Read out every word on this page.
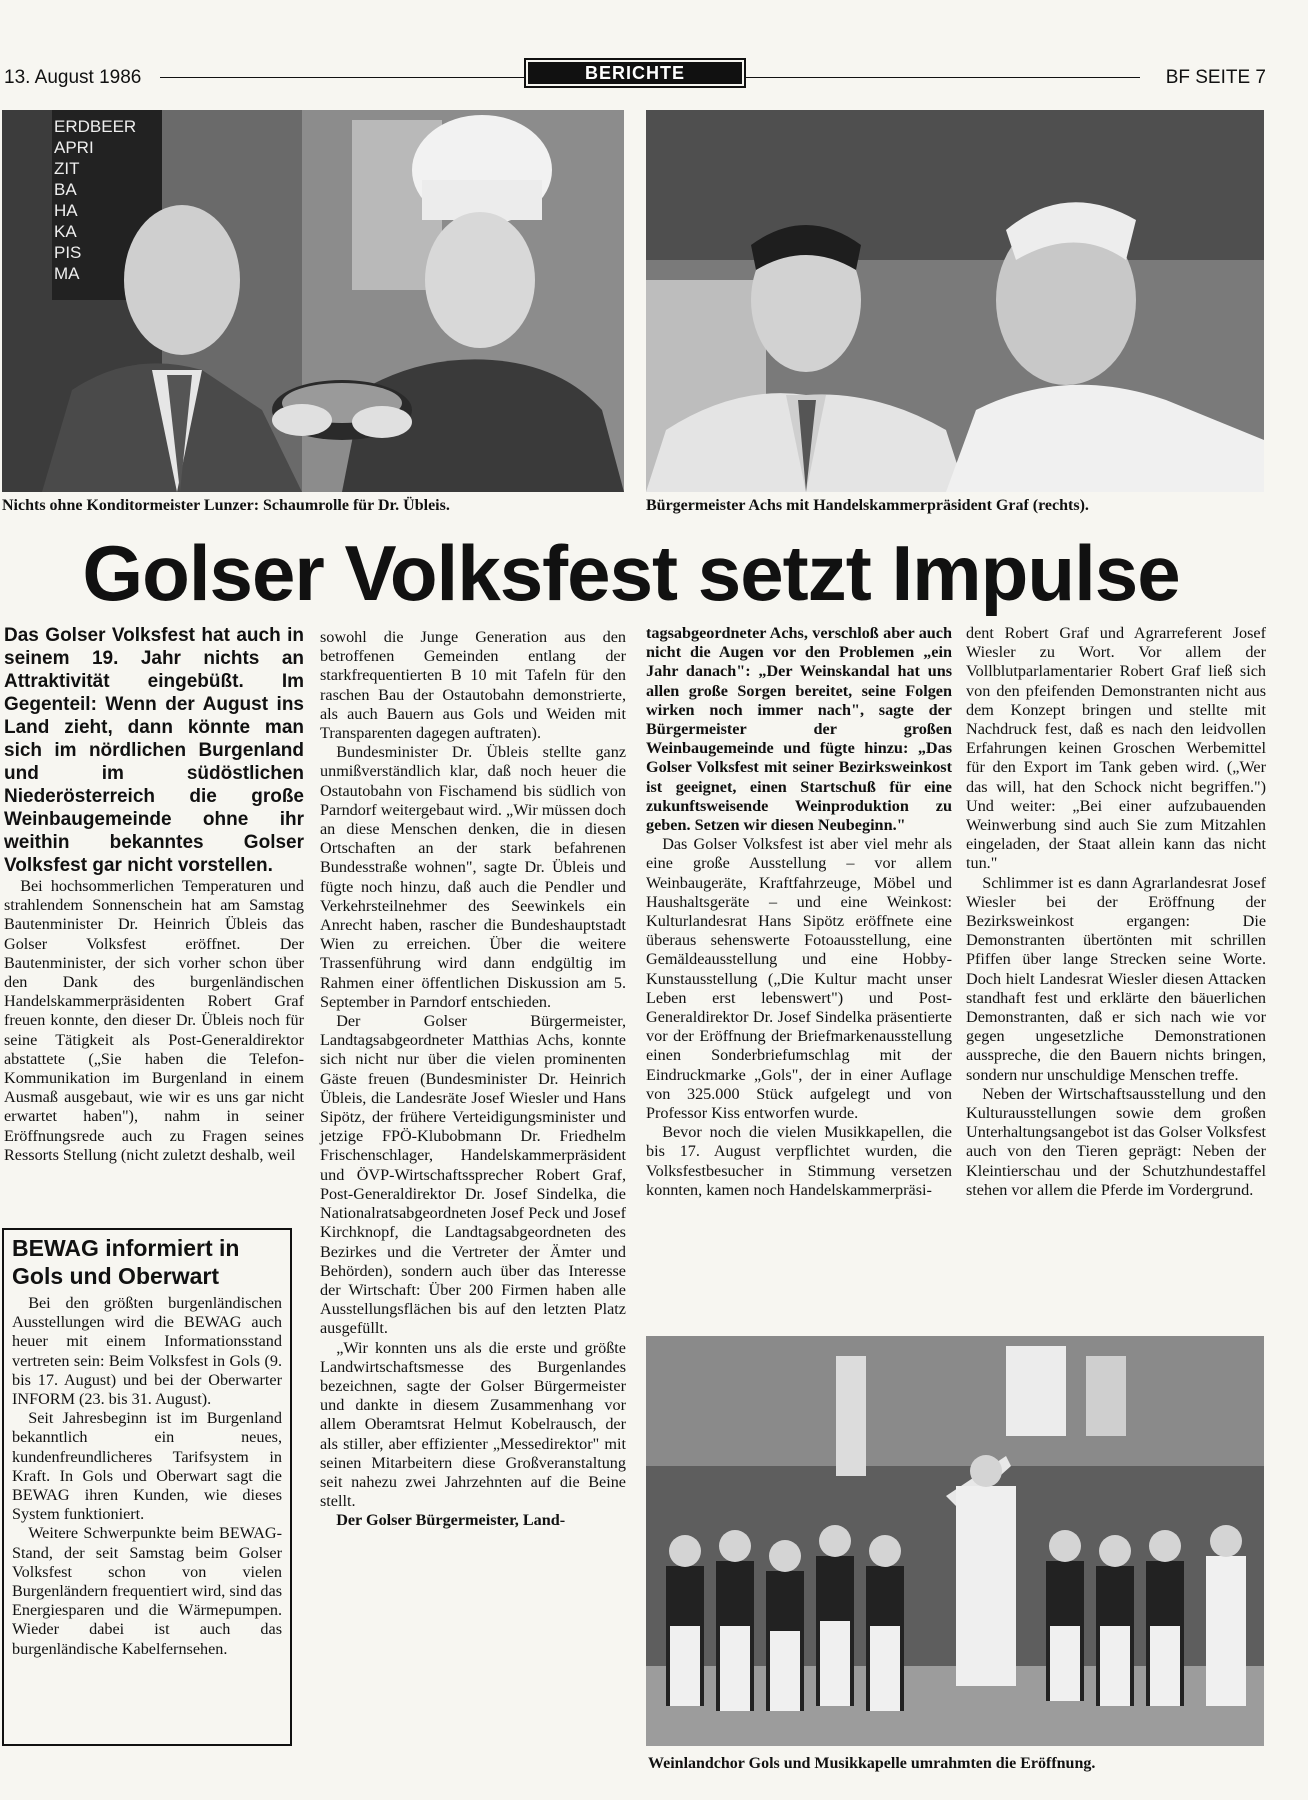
13. August 1986	BERICHTE	BF SEITE 7
ERDBEER
APRI
ZIT
BA
HA
KA
PIS
MA
Nichts ohne Konditormeister Lunzer: Schaumrolle für Dr. Übleis.	Bürgermeister Achs mit Handelskammerpräsident Graf (rechts).
Golser Volksfest setzt Impulse

Das Golser Volksfest hat auch in seinem 19. Jahr nichts an Attraktivität eingebüßt. Im Gegenteil: Wenn der August ins Land zieht, dann könnte man sich im nördlichen Burgenland und im südöstlichen Niederösterreich die große Weinbaugemeinde ohne ihr weithin bekanntes Golser Volksfest gar nicht vorstellen.

Bei hochsommerlichen Temperaturen und strahlendem Sonnenschein hat am Samstag Bautenminister Dr. Heinrich Übleis das Golser Volksfest eröffnet. Der Bautenminister, der sich vorher schon über den Dank des burgenländischen Handelskammerpräsidenten Robert Graf freuen konnte, den dieser Dr. Übleis noch für seine Tätigkeit als Post-Generaldirektor abstattete („Sie haben die Telefon-Kommunikation im Burgenland in einem Ausmaß ausgebaut, wie wir es uns gar nicht erwartet haben"), nahm in seiner Eröffnungsrede auch zu Fragen seines Ressorts Stellung (nicht zuletzt deshalb, weil

BEWAG informiert in
Gols und Oberwart

Bei den größten burgenländischen Ausstellungen wird die BEWAG auch heuer mit einem Informationsstand vertreten sein: Beim Volksfest in Gols (9. bis 17. August) und bei der Oberwarter INFORM (23. bis 31. August).

Seit Jahresbeginn ist im Burgenland bekanntlich ein neues, kundenfreundlicheres Tarifsystem in Kraft. In Gols und Oberwart sagt die BEWAG ihren Kunden, wie dieses System funktioniert.

Weitere Schwerpunkte beim BEWAG-Stand, der seit Samstag beim Golser Volksfest schon von vielen Burgenländern frequentiert wird, sind das Energiesparen und die Wärmepumpen. Wieder dabei ist auch das burgenländische Kabelfernsehen.

sowohl die Junge Generation aus den betroffenen Gemeinden entlang der starkfrequentierten B 10 mit Tafeln für den raschen Bau der Ostautobahn demonstrierte, als auch Bauern aus Gols und Weiden mit Transparenten dagegen auftraten).

Bundesminister Dr. Übleis stellte ganz unmißverständlich klar, daß noch heuer die Ostautobahn von Fischamend bis südlich von Parndorf weitergebaut wird. „Wir müssen doch an diese Menschen denken, die in diesen Ortschaften an der stark befahrenen Bundesstraße wohnen", sagte Dr. Übleis und fügte noch hinzu, daß auch die Pendler und Verkehrsteilnehmer des Seewinkels ein Anrecht haben, rascher die Bundeshauptstadt Wien zu erreichen. Über die weitere Trassenführung wird dann endgültig im Rahmen einer öffentlichen Diskussion am 5. September in Parndorf entschieden.

Der Golser Bürgermeister, Landtagsabgeordneter Matthias Achs, konnte sich nicht nur über die vielen prominenten Gäste freuen (Bundesminister Dr. Heinrich Übleis, die Landesräte Josef Wiesler und Hans Sipötz, der frühere Verteidigungsminister und jetzige FPÖ-Klubobmann Dr. Friedhelm Frischenschlager, Handelskammerpräsident und ÖVP-Wirtschaftssprecher Robert Graf, Post-Generaldirektor Dr. Josef Sindelka, die Nationalratsabgeordneten Josef Peck und Josef Kirchknopf, die Landtagsabgeordneten des Bezirkes und die Vertreter der Ämter und Behörden), sondern auch über das Interesse der Wirtschaft: Über 200 Firmen haben alle Ausstellungsflächen bis auf den letzten Platz ausgefüllt.

„Wir konnten uns als die erste und größte Landwirtschaftsmesse des Burgenlandes bezeichnen, sagte der Golser Bürgermeister und dankte in diesem Zusammenhang vor allem Oberamtsrat Helmut Kobelrausch, der als stiller, aber effizienter „Messedirektor" mit seinen Mitarbeitern diese Großveranstaltung seit nahezu zwei Jahrzehnten auf die Beine stellt.

Der Golser Bürgermeister, Land-

tagsabgeordneter Achs, verschloß aber auch nicht die Augen vor den Problemen „ein Jahr danach": „Der Weinskandal hat uns allen große Sorgen bereitet, seine Folgen wirken noch immer nach", sagte der Bürgermeister der großen Weinbaugemeinde und fügte hinzu: „Das Golser Volksfest mit seiner Bezirksweinkost ist geeignet, einen Startschuß für eine zukunftsweisende Weinproduktion zu geben. Setzen wir diesen Neubeginn."

Das Golser Volksfest ist aber viel mehr als eine große Ausstellung – vor allem Weinbaugeräte, Kraftfahrzeuge, Möbel und Haushaltsgeräte – und eine Weinkost: Kulturlandesrat Hans Sipötz eröffnete eine überaus sehenswerte Fotoausstellung, eine Gemäldeausstellung und eine Hobby-Kunstausstellung („Die Kultur macht unser Leben erst lebenswert") und Post-Generaldirektor Dr. Josef Sindelka präsentierte vor der Eröffnung der Briefmarkenausstellung einen Sonderbriefumschlag mit der Eindruckmarke „Gols", der in einer Auflage von 325.000 Stück aufgelegt und von Professor Kiss entworfen wurde.

Bevor noch die vielen Musikkapellen, die bis 17. August verpflichtet wurden, die Volksfestbesucher in Stimmung versetzen konnten, kamen noch Handelskammerpräsi-

dent Robert Graf und Agrarreferent Josef Wiesler zu Wort. Vor allem der Vollblutparlamentarier Robert Graf ließ sich von den pfeifenden Demonstranten nicht aus dem Konzept bringen und stellte mit Nachdruck fest, daß es nach den leidvollen Erfahrungen keinen Groschen Werbemittel für den Export im Tank geben wird. („Wer das will, hat den Schock nicht begriffen.") Und weiter: „Bei einer aufzubauenden Weinwerbung sind auch Sie zum Mitzahlen eingeladen, der Staat allein kann das nicht tun."

Schlimmer ist es dann Agrarlandesrat Josef Wiesler bei der Eröffnung der Bezirksweinkost ergangen: Die Demonstranten übertönten mit schrillen Pfiffen über lange Strecken seine Worte. Doch hielt Landesrat Wiesler diesen Attacken standhaft fest und erklärte den bäuerlichen Demonstranten, daß er sich nach wie vor gegen ungesetzliche Demonstrationen ausspreche, die den Bauern nichts bringen, sondern nur unschuldige Menschen treffe.

Neben der Wirtschaftsausstellung und den Kulturausstellungen sowie dem großen Unterhaltungsangebot ist das Golser Volksfest auch von den Tieren geprägt: Neben der Kleintierschau und der Schutzhundestaffel stehen vor allem die Pferde im Vordergrund.

Weinlandchor Gols und Musikkapelle umrahmten die Eröffnung.
